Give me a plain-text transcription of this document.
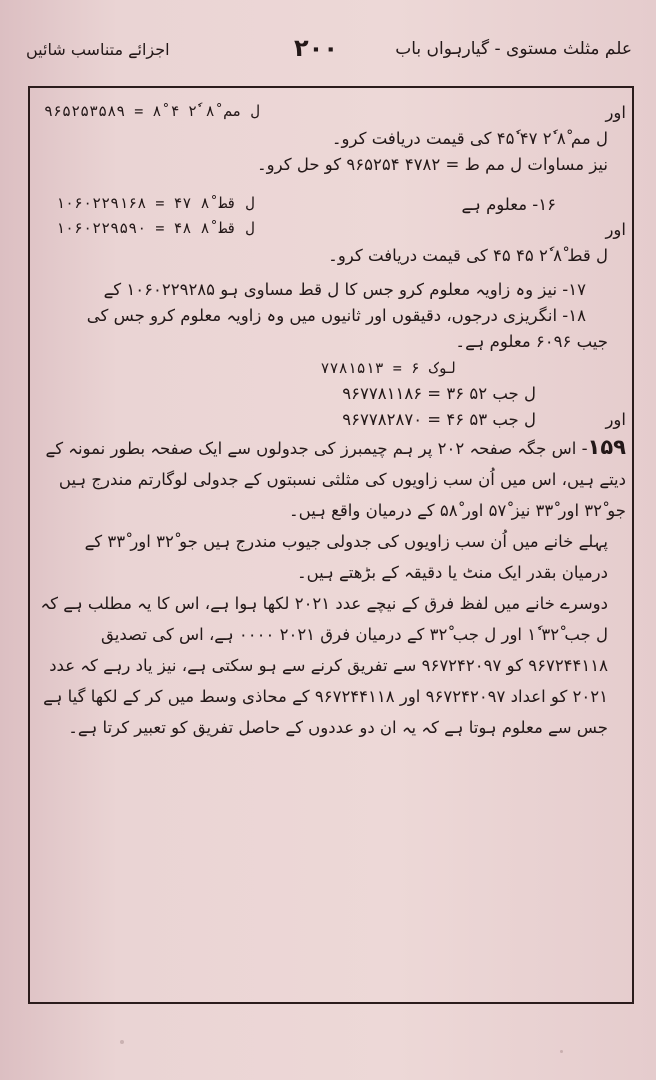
علم مثلث مستوی - گیارہواں باب
۲۰۰
اجزائے متناسب شائیں
اور
ل مم ۸ْ ۲ٗ ۴ ۸ْ = ۹۶۵۲۵۳۵۸۹
ل مم ۸ْ ۲ٗ ۴۷ ۴۵ٗ کی قیمت دریافت کرو۔
نیز مساوات ل مم ط = ۴۷۸۲ ۹۶۵۲۵۴ کو حل کرو۔
۱۶- معلوم ہے
ل قط ۸ْ ۴۷ = ۱۰۶۰۲۲۹۱۶۸
اور
ل قط ۸ْ ۴۸ = ۱۰۶۰۲۲۹۵۹۰
ل قط ۸ْ ۲ٗ ۴۵ ۴۵ کی قیمت دریافت کرو۔
۱۷- نیز وہ زاویہ معلوم کرو جس کا ل قط مساوی ہو ۱۰۶۰۲۲۹۲۸۵ کے
۱۸- انگریزی درجوں، دقیقوں اور ثانیوں میں وہ زاویہ معلوم کرو جس کی
جیب ۶۰۹۶ معلوم ہے۔
لوک ۶ = ۷۷۸۱۵۱۳
ل جب ۵۲ ۳۶ = ۹۶۷۷۸۱۱۸۶
اور
ل جب ۵۳ ۴۶ = ۹۶۷۷۸۲۸۷۰
۱۵۹- اس جگہ صفحہ ۲۰۲ پر ہم چیمبرز کی جدولوں سے ایک صفحہ بطور نمونہ کے دیتے ہیں، اس میں اُن سب زاویوں کی مثلثی نسبتوں کے جدولی لوگارتم مندرج ہیں جو ۳۲ْ اور ۳۳ْ نیز ۵۷ْ اور ۵۸ْ کے درمیان واقع ہیں۔
پہلے خانے میں اُن سب زاویوں کی جدولی جیوب مندرج ہیں جو ۳۲ْ اور ۳۳ْ کے درمیان بقدر ایک منٹ یا دقیقہ کے بڑھتے ہیں۔
دوسرے خانے میں لفظ فرق کے نیچے عدد ۲۰۲۱ لکھا ہوا ہے، اس کا یہ مطلب ہے کہ ل جب ۳۲ْ ۱ٗ اور ل جب ۳۲ْ کے درمیان فرق ۲۰۲۱ ۰۰۰۰ ہے، اس کی تصدیق ۹۶۷۲۴۴۱۱۸ کو ۹۶۷۲۴۲۰۹۷ سے تفریق کرنے سے ہو سکتی ہے، نیز یاد رہے کہ عدد ۲۰۲۱ کو اعداد ۹۶۷۲۴۲۰۹۷ اور ۹۶۷۲۴۴۱۱۸ کے محاذی وسط میں کر کے لکھا گیا ہے جس سے معلوم ہوتا ہے کہ یہ ان دو عددوں کے حاصل تفریق کو تعبیر کرتا ہے۔
